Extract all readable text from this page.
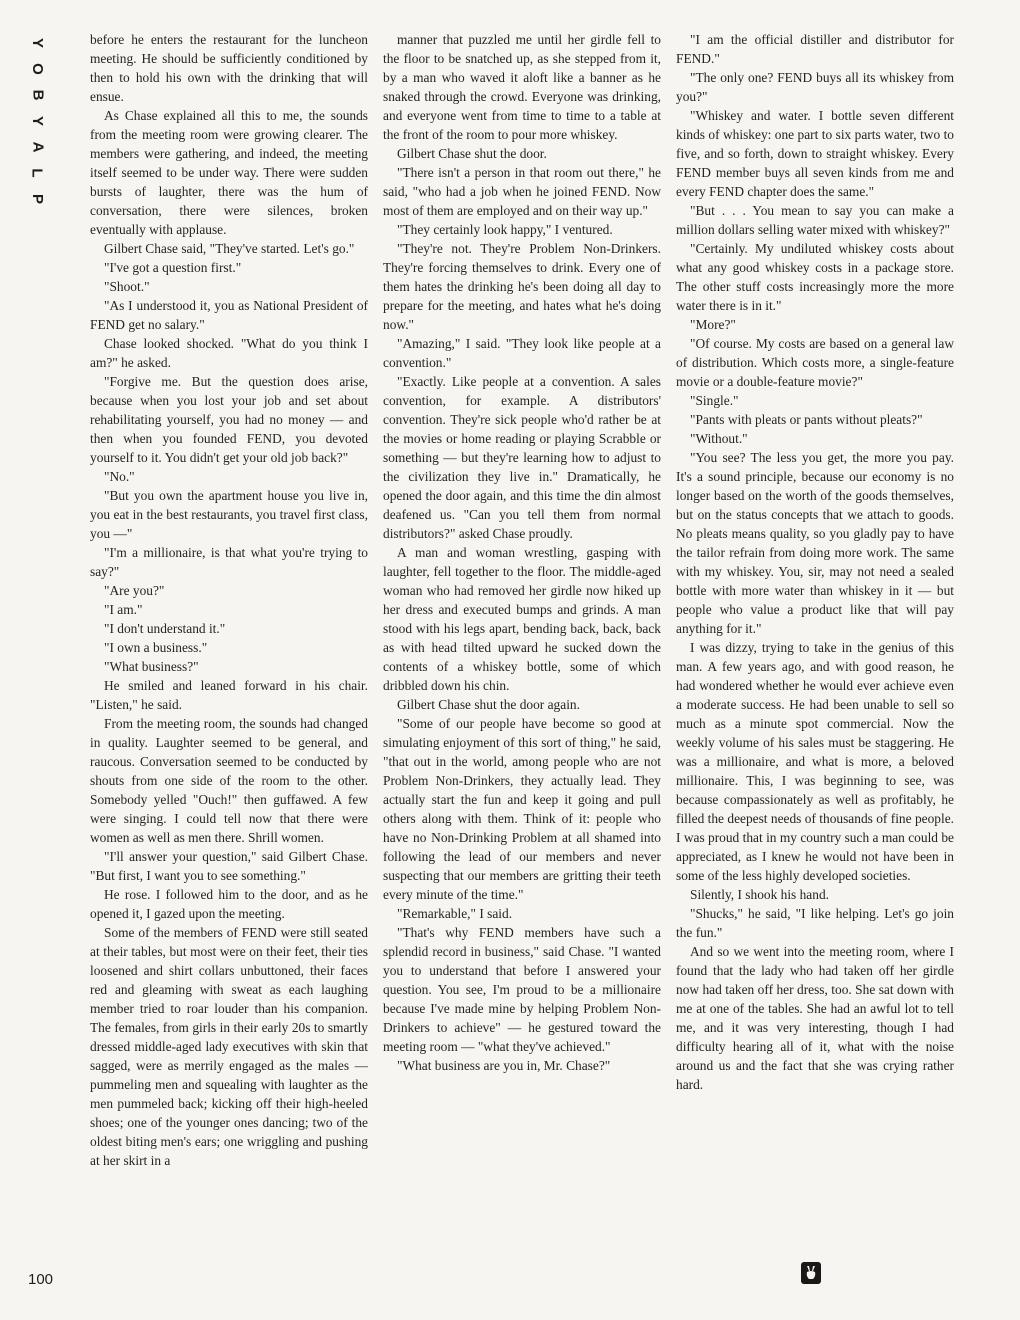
Y
O
B
Y
A
L
P
100

before he enters the restaurant for the luncheon meeting. He should be sufficiently conditioned by then to hold his own with the drinking that will ensue.

As Chase explained all this to me, the sounds from the meeting room were growing clearer. The members were gathering, and indeed, the meeting itself seemed to be under way. There were sudden bursts of laughter, there was the hum of conversation, there were silences, broken eventually with applause.

Gilbert Chase said, "They've started. Let's go."

"I've got a question first."

"Shoot."

"As I understood it, you as National President of FEND get no salary."

Chase looked shocked. "What do you think I am?" he asked.

"Forgive me. But the question does arise, because when you lost your job and set about rehabilitating yourself, you had no money — and then when you founded FEND, you devoted yourself to it. You didn't get your old job back?"

"No."

"But you own the apartment house you live in, you eat in the best restaurants, you travel first class, you —"

"I'm a millionaire, is that what you're trying to say?"

"Are you?"

"I am."

"I don't understand it."

"I own a business."

"What business?"

He smiled and leaned forward in his chair. "Listen," he said.

From the meeting room, the sounds had changed in quality. Laughter seemed to be general, and raucous. Conversation seemed to be conducted by shouts from one side of the room to the other. Somebody yelled "Ouch!" then guffawed. A few were singing. I could tell now that there were women as well as men there. Shrill women.

"I'll answer your question," said Gilbert Chase. "But first, I want you to see something."

He rose. I followed him to the door, and as he opened it, I gazed upon the meeting.

Some of the members of FEND were still seated at their tables, but most were on their feet, their ties loosened and shirt collars unbuttoned, their faces red and gleaming with sweat as each laughing member tried to roar louder than his companion. The females, from girls in their early 20s to smartly dressed middle-aged lady executives with skin that sagged, were as merrily engaged as the males — pummeling men and squealing with laughter as the men pummeled back; kicking off their high-heeled shoes; one of the younger ones dancing; two of the oldest biting men's ears; one wriggling and pushing at her skirt in a

manner that puzzled me until her girdle fell to the floor to be snatched up, as she stepped from it, by a man who waved it aloft like a banner as he snaked through the crowd. Everyone was drinking, and everyone went from time to time to a table at the front of the room to pour more whiskey.

Gilbert Chase shut the door.

"There isn't a person in that room out there," he said, "who had a job when he joined FEND. Now most of them are employed and on their way up."

"They certainly look happy," I ventured.

"They're not. They're Problem Non-Drinkers. They're forcing themselves to drink. Every one of them hates the drinking he's been doing all day to prepare for the meeting, and hates what he's doing now."

"Amazing," I said. "They look like people at a convention."

"Exactly. Like people at a convention. A sales convention, for example. A distributors' convention. They're sick people who'd rather be at the movies or home reading or playing Scrabble or something — but they're learning how to adjust to the civilization they live in." Dramatically, he opened the door again, and this time the din almost deafened us. "Can you tell them from normal distributors?" asked Chase proudly.

A man and woman wrestling, gasping with laughter, fell together to the floor. The middle-aged woman who had removed her girdle now hiked up her dress and executed bumps and grinds. A man stood with his legs apart, bending back, back, back as with head tilted upward he sucked down the contents of a whiskey bottle, some of which dribbled down his chin.

Gilbert Chase shut the door again.

"Some of our people have become so good at simulating enjoyment of this sort of thing," he said, "that out in the world, among people who are not Problem Non-Drinkers, they actually lead. They actually start the fun and keep it going and pull others along with them. Think of it: people who have no Non-Drinking Problem at all shamed into following the lead of our members and never suspecting that our members are gritting their teeth every minute of the time."

"Remarkable," I said.

"That's why FEND members have such a splendid record in business," said Chase. "I wanted you to understand that before I answered your question. You see, I'm proud to be a millionaire because I've made mine by helping Problem Non-Drinkers to achieve" — he gestured toward the meeting room — "what they've achieved."

"What business are you in, Mr. Chase?"

"I am the official distiller and distributor for FEND."

"The only one? FEND buys all its whiskey from you?"

"Whiskey and water. I bottle seven different kinds of whiskey: one part to six parts water, two to five, and so forth, down to straight whiskey. Every FEND member buys all seven kinds from me and every FEND chapter does the same."

"But . . . You mean to say you can make a million dollars selling water mixed with whiskey?"

"Certainly. My undiluted whiskey costs about what any good whiskey costs in a package store. The other stuff costs increasingly more the more water there is in it."

"More?"

"Of course. My costs are based on a general law of distribution. Which costs more, a single-feature movie or a double-feature movie?"

"Single."

"Pants with pleats or pants without pleats?"

"Without."

"You see? The less you get, the more you pay. It's a sound principle, because our economy is no longer based on the worth of the goods themselves, but on the status concepts that we attach to goods. No pleats means quality, so you gladly pay to have the tailor refrain from doing more work. The same with my whiskey. You, sir, may not need a sealed bottle with more water than whiskey in it — but people who value a product like that will pay anything for it."

I was dizzy, trying to take in the genius of this man. A few years ago, and with good reason, he had wondered whether he would ever achieve even a moderate success. He had been unable to sell so much as a minute spot commercial. Now the weekly volume of his sales must be staggering. He was a millionaire, and what is more, a beloved millionaire. This, I was beginning to see, was because compassionately as well as profitably, he filled the deepest needs of thousands of fine people. I was proud that in my country such a man could be appreciated, as I knew he would not have been in some of the less highly developed societies.

Silently, I shook his hand.

"Shucks," he said, "I like helping. Let's go join the fun."

And so we went into the meeting room, where I found that the lady who had taken off her girdle now had taken off her dress, too. She sat down with me at one of the tables. She had an awful lot to tell me, and it was very interesting, though I had difficulty hearing all of it, what with the noise around us and the fact that she was crying rather hard.
